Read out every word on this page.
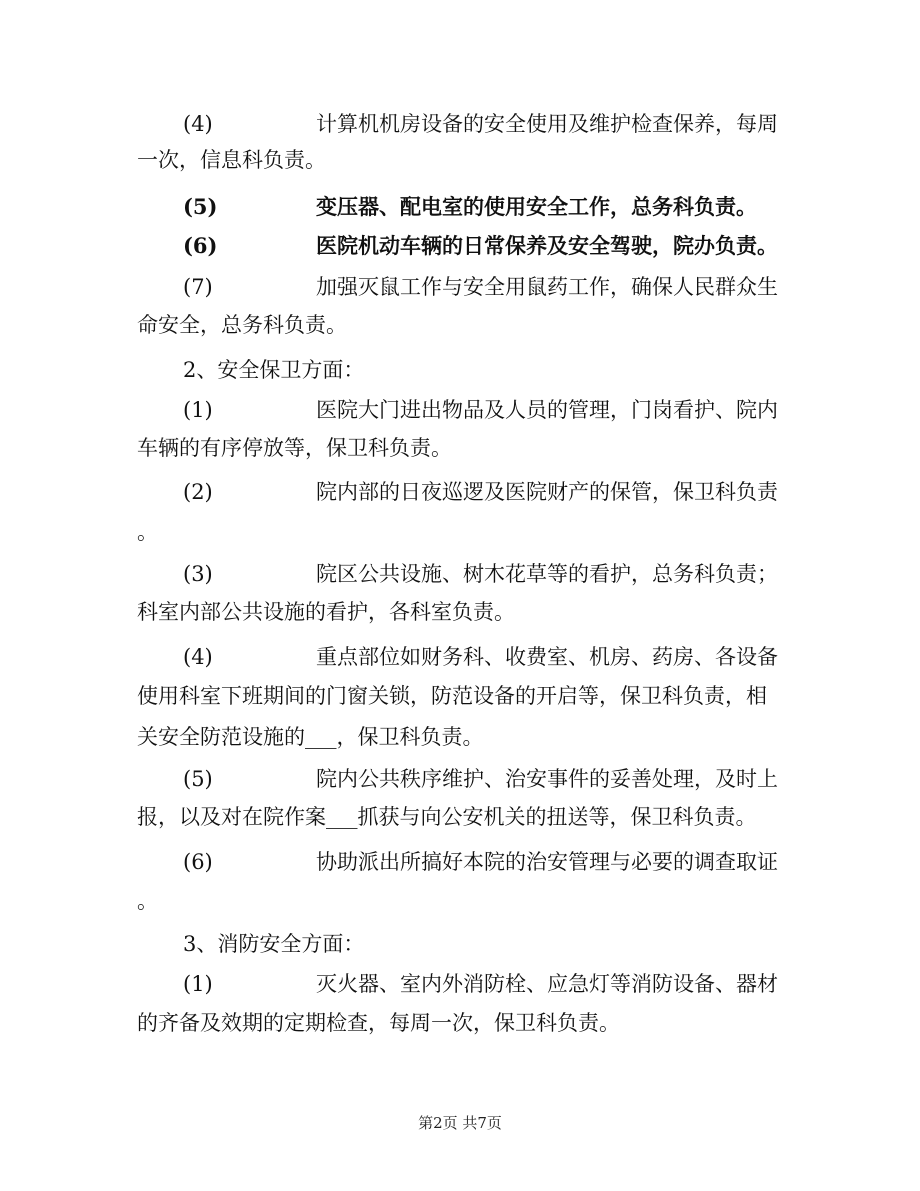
(4)	计算机机房设备的安全使用及维护检查保养，每周
一次，信息科负责。
(5)	变压器、配电室的使用安全工作，总务科负责。
(6)	医院机动车辆的日常保养及安全驾驶，院办负责。
(7)	加强灭鼠工作与安全用鼠药工作，确保人民群众生
命安全，总务科负责。
2、安全保卫方面：
(1)	医院大门进出物品及人员的管理，门岗看护、院内
车辆的有序停放等，保卫科负责。
(2)	院内部的日夜巡逻及医院财产的保管，保卫科负责
。
(3)	院区公共设施、树木花草等的看护，总务科负责；
科室内部公共设施的看护，各科室负责。
(4)	重点部位如财务科、收费室、机房、药房、各设备
使用科室下班期间的门窗关锁，防范设备的开启等，保卫科负责，相
关安全防范设施的___，保卫科负责。
(5)	院内公共秩序维护、治安事件的妥善处理，及时上
报，以及对在院作案___抓获与向公安机关的扭送等，保卫科负责。
(6)	协助派出所搞好本院的治安管理与必要的调查取证
。
3、消防安全方面：
(1)	灭火器、室内外消防栓、应急灯等消防设备、器材
的齐备及效期的定期检查，每周一次，保卫科负责。
第2页 共7页
